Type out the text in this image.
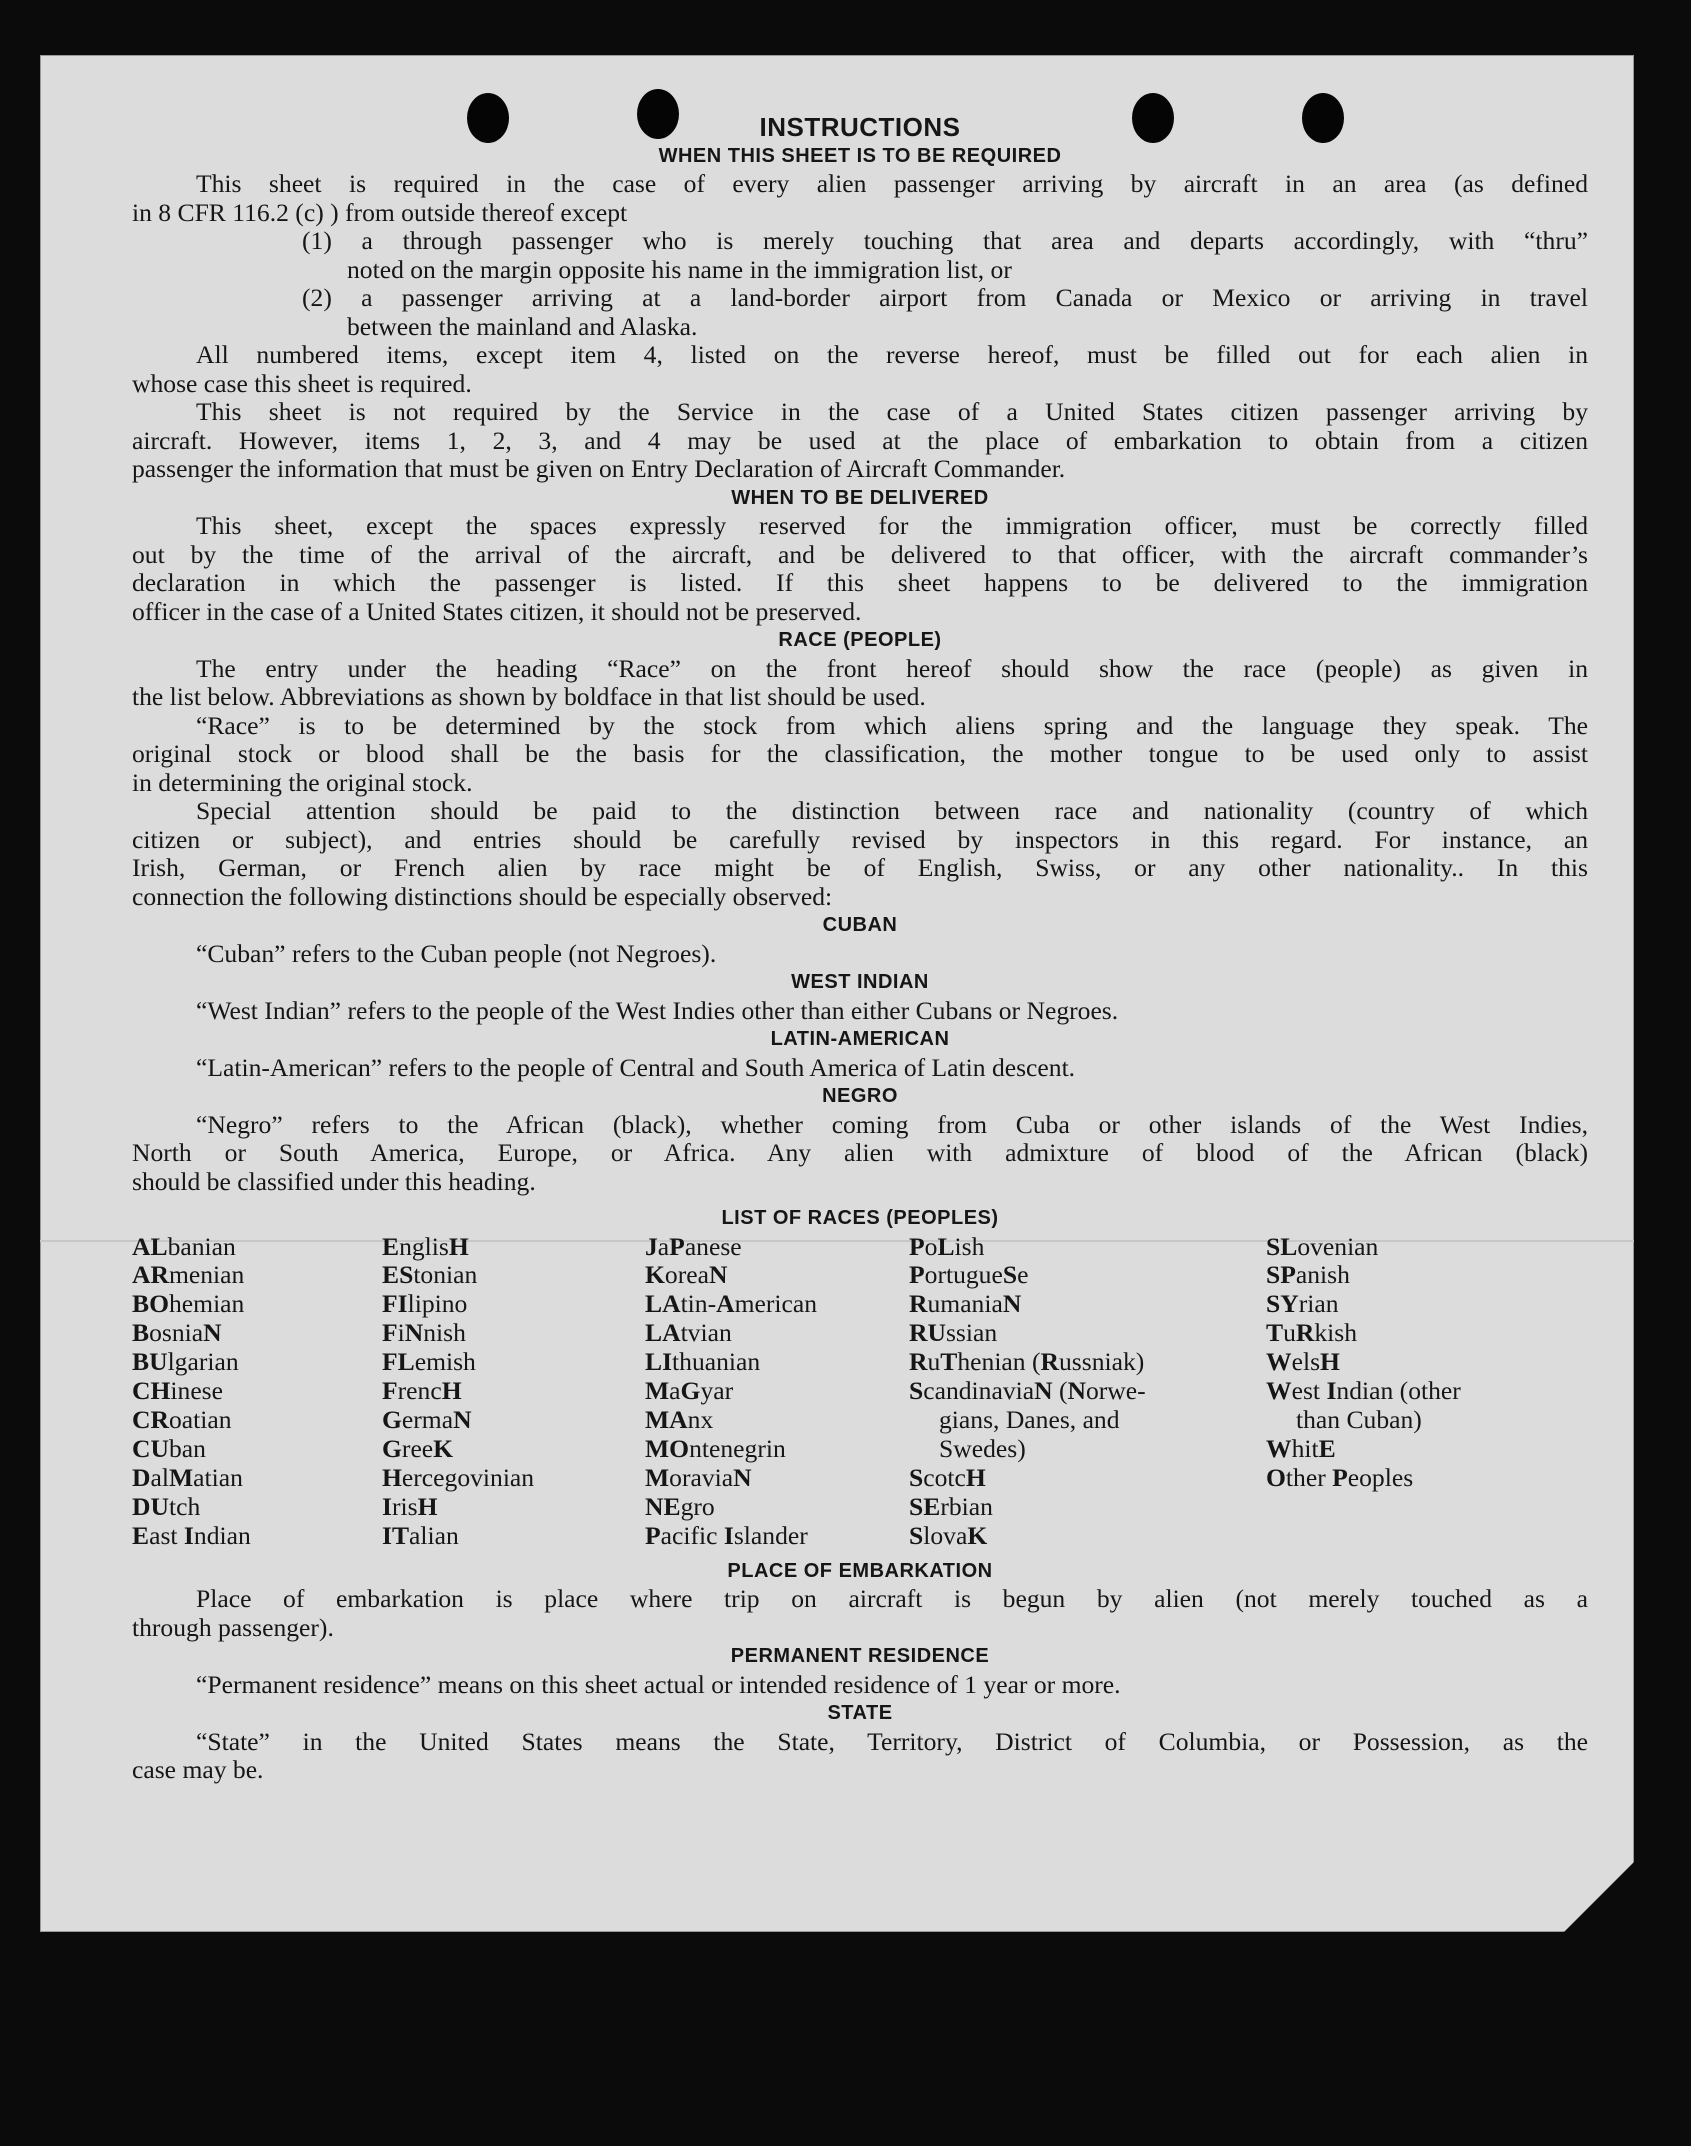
INSTRUCTIONS
WHEN THIS SHEET IS TO BE REQUIRED
This sheet is required in the case of every alien passenger arriving by aircraft in an area (as defined
in 8 CFR 116.2 (c) ) from outside thereof except
(1) a through passenger who is merely touching that area and departs accordingly, with “thru”
noted on the margin opposite his name in the immigration list, or
(2) a passenger arriving at a land-border airport from Canada or Mexico or arriving in travel
between the mainland and Alaska.
All numbered items, except item 4, listed on the reverse hereof, must be filled out for each alien in
whose case this sheet is required.
This sheet is not required by the Service in the case of a United States citizen passenger arriving by
aircraft. However, items 1, 2, 3, and 4 may be used at the place of embarkation to obtain from a citizen
passenger the information that must be given on Entry Declaration of Aircraft Commander.
WHEN TO BE DELIVERED
This sheet, except the spaces expressly reserved for the immigration officer, must be correctly filled
out by the time of the arrival of the aircraft, and be delivered to that officer, with the aircraft commander’s
declaration in which the passenger is listed. If this sheet happens to be delivered to the immigration
officer in the case of a United States citizen, it should not be preserved.
RACE (PEOPLE)
The entry under the heading “Race” on the front hereof should show the race (people) as given in
the list below. Abbreviations as shown by boldface in that list should be used.
“Race” is to be determined by the stock from which aliens spring and the language they speak. The
original stock or blood shall be the basis for the classification, the mother tongue to be used only to assist
in determining the original stock.
Special attention should be paid to the distinction between race and nationality (country of which
citizen or subject), and entries should be carefully revised by inspectors in this regard. For instance, an
Irish, German, or French alien by race might be of English, Swiss, or any other nationality.. In this
connection the following distinctions should be especially observed:
CUBAN
“Cuban” refers to the Cuban people (not Negroes).
WEST INDIAN
“West Indian” refers to the people of the West Indies other than either Cubans or Negroes.
LATIN-AMERICAN
“Latin-American” refers to the people of Central and South America of Latin descent.
NEGRO
“Negro” refers to the African (black), whether coming from Cuba or other islands of the West Indies,
North or South America, Europe, or Africa. Any alien with admixture of blood of the African (black)
should be classified under this heading.
LIST OF RACES (PEOPLES)
ALbanian
ARmenian
BOhemian
BosniaN
BUlgarian
CHinese
CRoatian
CUban
DalMatian
DUtch
East Indian
EnglisH
EStonian
FIlipino
FiNnish
FLemish
FrencH
GermaN
GreeK
Hercegovinian
IrisH
ITalian
JaPanese
KoreaN
LAtin-American
LAtvian
LIthuanian
MaGyar
MAnx
MOntenegrin
MoraviaN
NEgro
Pacific Islander
PoLish
PortugueSe
RumaniaN
RUssian
RuThenian (Russniak)
ScandinaviaN (Norwe-
gians, Danes, and
Swedes)
ScotcH
SErbian
SlovaK
SLovenian
SPanish
SYrian
TuRkish
WelsH
West Indian (other
than Cuban)
WhitE
Other Peoples
PLACE OF EMBARKATION
Place of embarkation is place where trip on aircraft is begun by alien (not merely touched as a
through passenger).
PERMANENT RESIDENCE
“Permanent residence” means on this sheet actual or intended residence of 1 year or more.
STATE
“State” in the United States means the State, Territory, District of Columbia, or Possession, as the
case may be.
